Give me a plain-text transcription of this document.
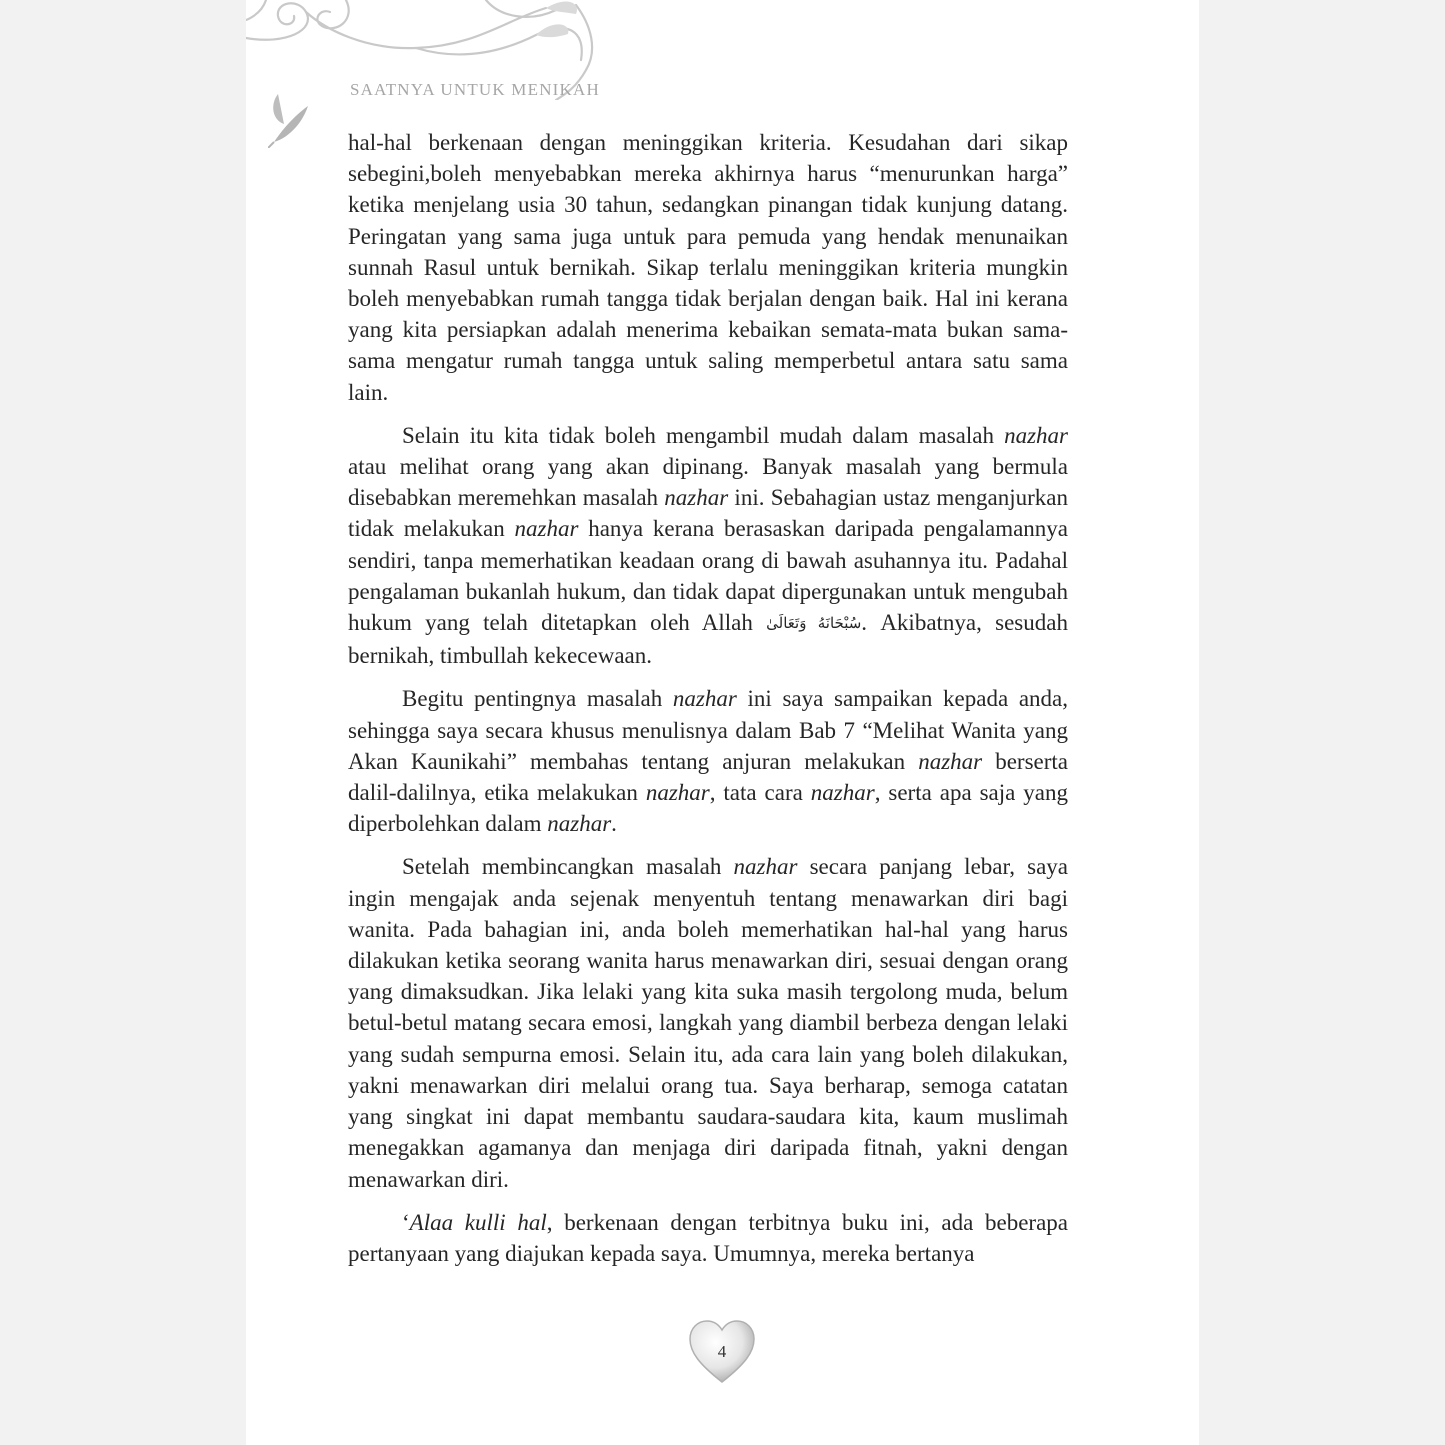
SAATNYA UNTUK MENIKAH

hal-hal berkenaan dengan meninggikan kriteria. Kesudahan dari sikap sebegini,boleh menyebabkan mereka akhirnya harus “menurunkan harga” ketika menjelang usia 30 tahun, sedangkan pinangan tidak kunjung datang. Peringatan yang sama juga untuk para pemuda yang hendak menunaikan sunnah Rasul untuk bernikah. Sikap terlalu meninggikan kriteria mungkin boleh menyebabkan rumah tangga tidak berjalan dengan baik. Hal ini kerana yang kita persiapkan adalah menerima kebaikan semata-mata bukan sama-sama mengatur rumah tangga untuk saling memperbetul antara satu sama lain.

Selain itu kita tidak boleh mengambil mudah dalam masalah nazhar atau melihat orang yang akan dipinang. Banyak masalah yang bermula disebabkan meremehkan masalah nazhar ini. Sebahagian ustaz menganjurkan tidak melakukan nazhar hanya kerana berasaskan daripada pengalamannya sendiri, tanpa memerhatikan keadaan orang di bawah asuhannya itu. Padahal pengalaman bukanlah hukum, dan tidak dapat dipergunakan untuk mengubah hukum yang telah ditetapkan oleh Allah سُبْحَانَهُ وَتَعَالَىٰ. Akibatnya, sesudah bernikah, timbullah kekecewaan.

Begitu pentingnya masalah nazhar ini saya sampaikan kepada anda, sehingga saya secara khusus menulisnya dalam Bab 7 “Melihat Wanita yang Akan Kaunikahi” membahas tentang anjuran melakukan nazhar berserta dalil-dalilnya, etika melakukan nazhar, tata cara nazhar, serta apa saja yang diperbolehkan dalam nazhar.

Setelah membincangkan masalah nazhar secara panjang lebar, saya ingin mengajak anda sejenak menyentuh tentang menawarkan diri bagi wanita. Pada bahagian ini, anda boleh memerhatikan hal-hal yang harus dilakukan ketika seorang wanita harus menawarkan diri, sesuai dengan orang yang dimaksudkan. Jika lelaki yang kita suka masih tergolong muda, belum betul-betul matang secara emosi, langkah yang diambil berbeza dengan lelaki yang sudah sempurna emosi. Selain itu, ada cara lain yang boleh dilakukan, yakni menawarkan diri melalui orang tua. Saya berharap, semoga catatan yang singkat ini dapat membantu saudara-saudara kita, kaum muslimah menegakkan agamanya dan menjaga diri daripada fitnah, yakni dengan menawarkan diri.

‘Alaa kulli hal, berkenaan dengan terbitnya buku ini, ada beberapa pertanyaan yang diajukan kepada saya. Umumnya, mereka bertanya

4
